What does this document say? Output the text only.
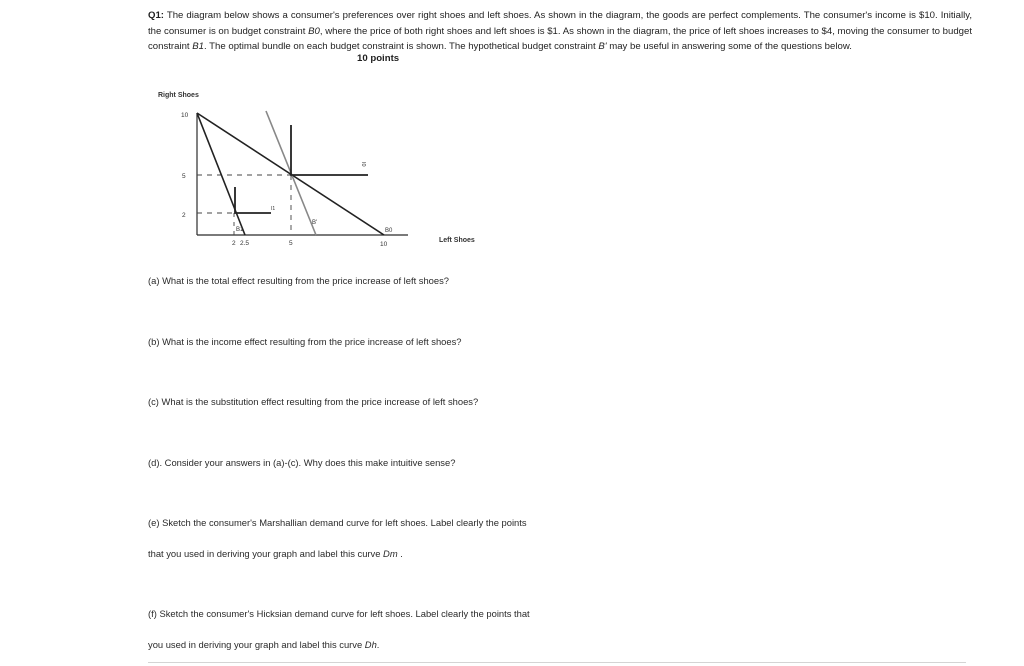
Q1: The diagram below shows a consumer's preferences over right shoes and left shoes. As shown in the diagram, the goods are perfect complements. The consumer's income is $10. Initially, the consumer is on budget constraint B0, where the price of both right shoes and left shoes is $1. As shown in the diagram, the price of left shoes increases to $4, moving the consumer to budget constraint B1. The optimal bundle on each budget constraint is shown. The hypothetical budget constraint B' may be useful in answering some of the questions below.
10 points
Right Shoes
Left Shoes
10
5
2
2 2.5	5	10
I0
I1
B1
B'
B0
(a) What is the total effect resulting from the price increase of left shoes?
(b) What is the income effect resulting from the price increase of left shoes?
(c) What is the substitution effect resulting from the price increase of left shoes?
(d). Consider your answers in (a)-(c). Why does this make intuitive sense?
(e) Sketch the consumer's Marshallian demand curve for left shoes. Label clearly the points
that you used in deriving your graph and label this curve Dm .
(f) Sketch the consumer's Hicksian demand curve for left shoes. Label clearly the points that
you used in deriving your graph and label this curve Dh.
